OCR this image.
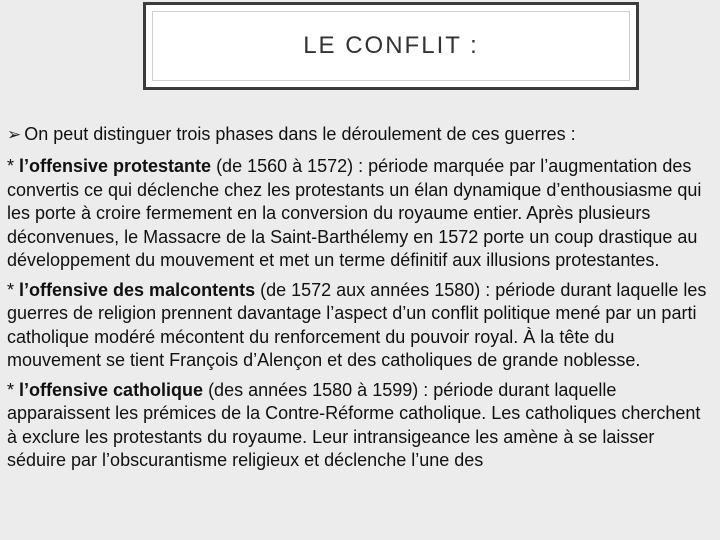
LE CONFLIT :
➢ On peut distinguer trois phases dans le déroulement de ces guerres :

* l’offensive protestante (de 1560 à 1572) : période marquée par l’augmentation des convertis ce qui déclenche chez les protestants un élan dynamique d’enthousiasme qui les porte à croire fermement en la conversion du royaume entier. Après plusieurs déconvenues, le Massacre de la Saint-Barthélemy en 1572 porte un coup drastique au développement du mouvement et met un terme définitif aux illusions protestantes.

* l’offensive des malcontents (de 1572 aux années 1580) : période durant laquelle les guerres de religion prennent davantage l’aspect d’un conflit politique mené par un parti catholique modéré mécontent du renforcement du pouvoir royal. À la tête du mouvement se tient François d’Alençon et des catholiques de grande noblesse.

* l’offensive catholique (des années 1580 à 1599) : période durant laquelle apparaissent les prémices de la Contre-Réforme catholique. Les catholiques cherchent à exclure les protestants du royaume. Leur intransigeance les amène à se laisser séduire par l’obscurantisme religieux et déclenche l’une des
